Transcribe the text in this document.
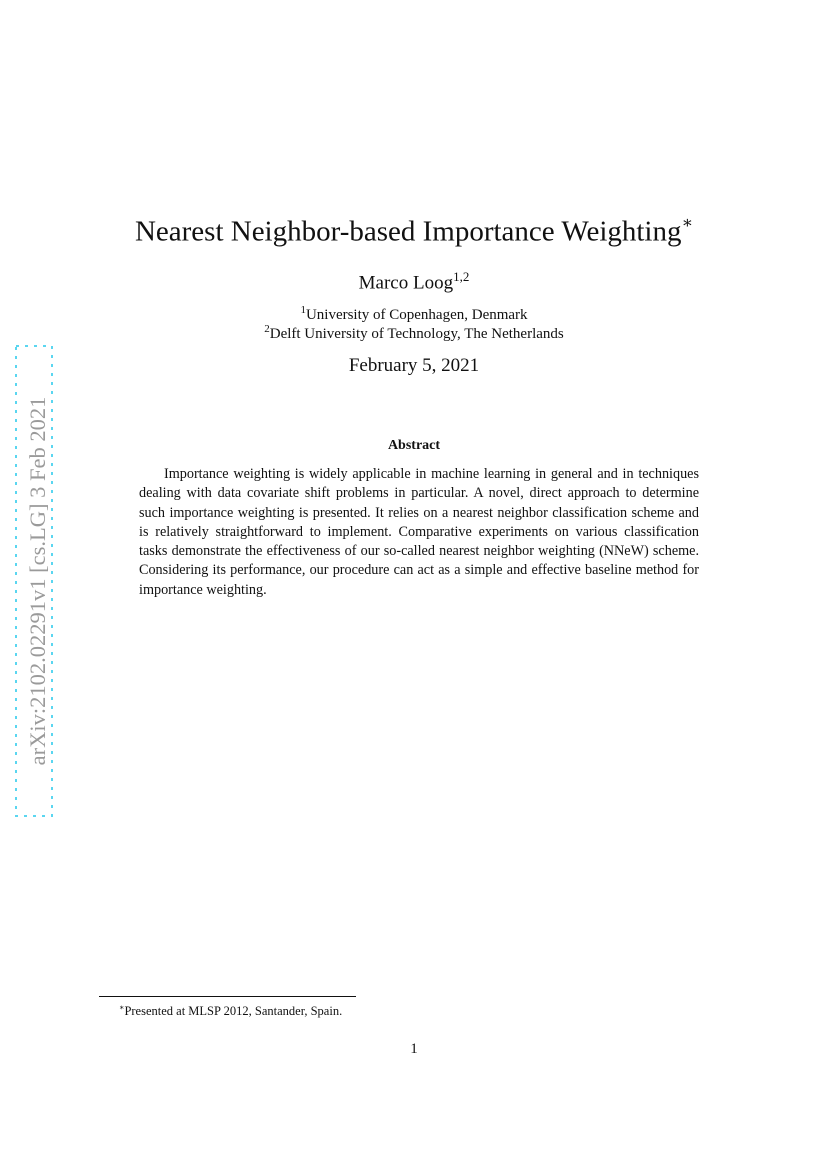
arXiv:2102.02291v1 [cs.LG] 3 Feb 2021
Nearest Neighbor-based Importance Weighting∗
Marco Loog$^{1,2}$
$^1$University of Copenhagen, Denmark
$^2$Delft University of Technology, The Netherlands
February 5, 2021
Abstract

Importance weighting is widely applicable in machine learning in general and in techniques dealing with data covariate shift problems in particular. A novel, direct approach to determine such importance weighting is presented. It relies on a nearest neighbor classification scheme and is relatively straightforward to implement. Comparative experiments on various classification tasks demonstrate the effectiveness of our so-called nearest neighbor weighting (NNeW) scheme. Considering its performance, our procedure can act as a simple and effective baseline method for importance weighting.

∗Presented at MLSP 2012, Santander, Spain.
1
